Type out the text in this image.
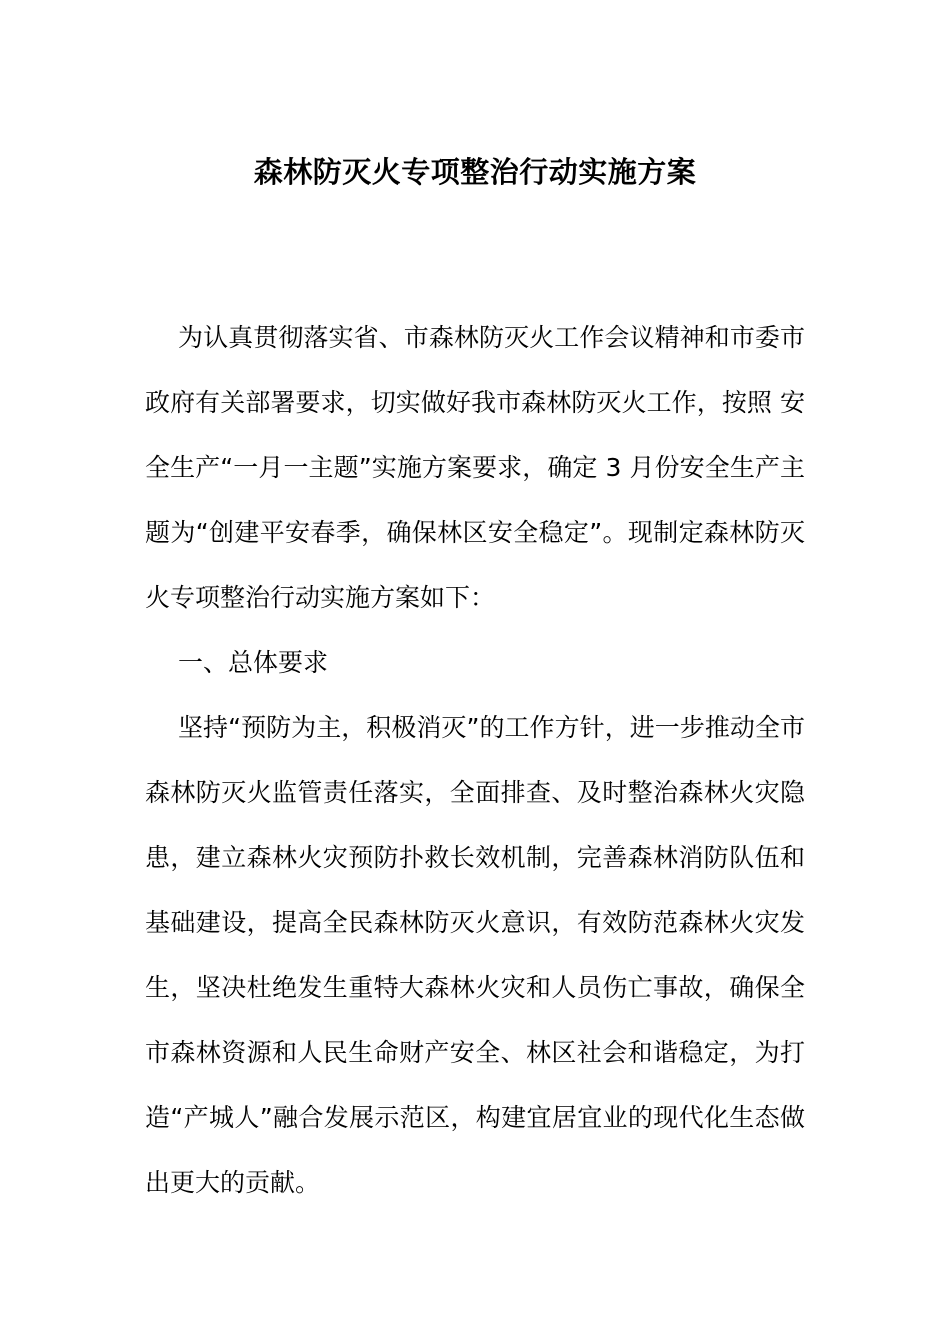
森林防灭火专项整治行动实施方案

为认真贯彻落实省、市森林防灭火工作会议精神和市委市政府有关部署要求，切实做好我市森林防灭火工作，按照 安全生产“一月一主题”实施方案要求，确定 3 月份安全生产主题为“创建平安春季，确保林区安全稳定”。现制定森林防灭火专项整治行动实施方案如下：

一、总体要求

坚持“预防为主，积极消灭”的工作方针，进一步推动全市森林防灭火监管责任落实，全面排查、及时整治森林火灾隐患，建立森林火灾预防扑救长效机制，完善森林消防队伍和基础建设，提高全民森林防灭火意识，有效防范森林火灾发生，坚决杜绝发生重特大森林火灾和人员伤亡事故，确保全市森林资源和人民生命财产安全、林区社会和谐稳定，为打造“产城人”融合发展示范区，构建宜居宜业的现代化生态做出更大的贡献。
